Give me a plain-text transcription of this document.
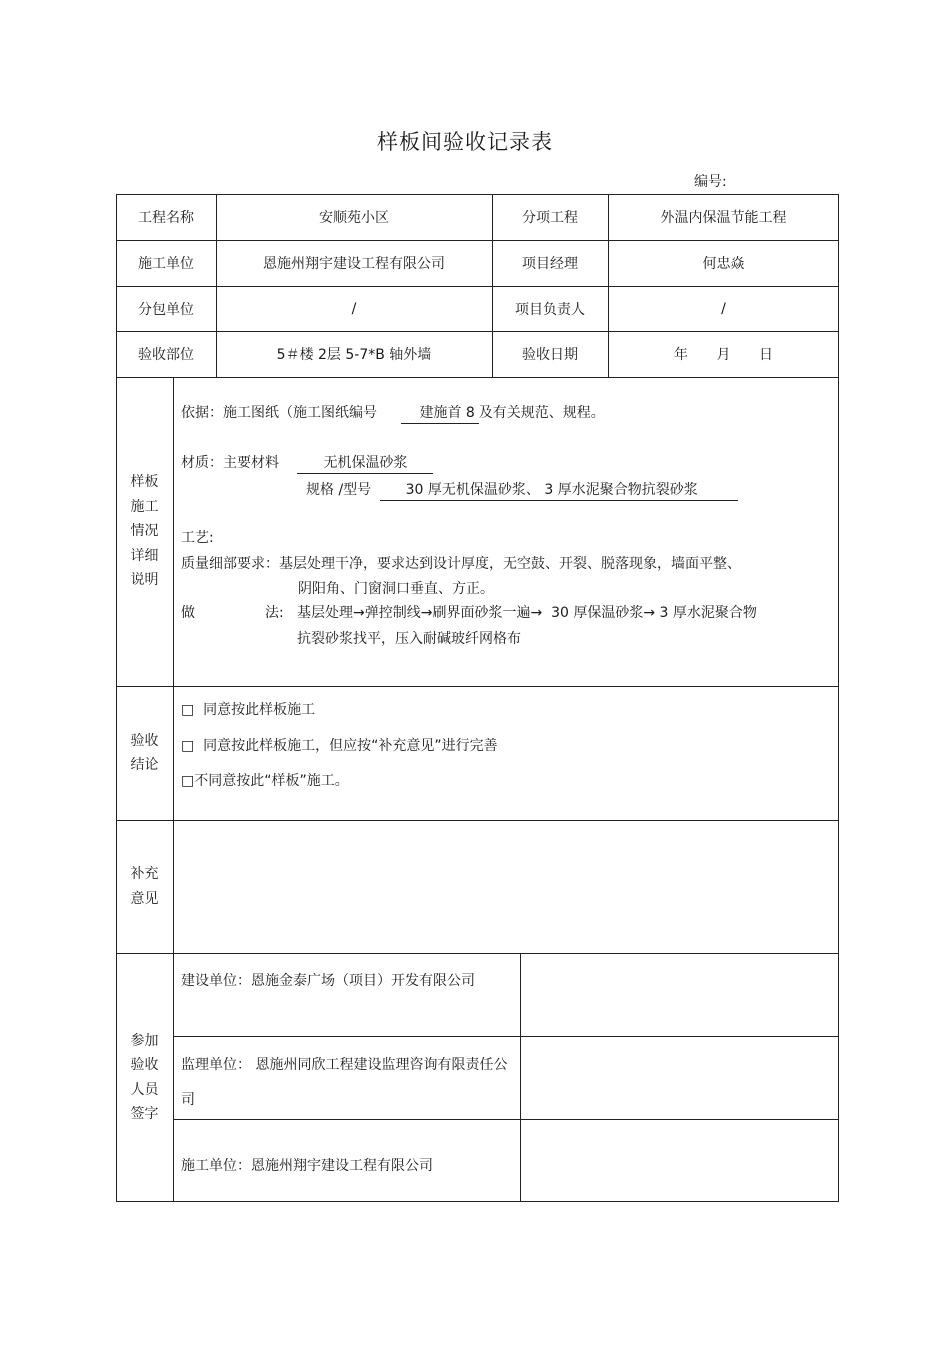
样板间验收记录表
编号:
工程名称	安顺苑小区	分项工程	外温内保温节能工程
施工单位	恩施州翔宇建设工程有限公司	项目经理	何忠焱
分包单位	/	项目负责人	/
验收部位	5＃楼 2层 5-7*B 轴外墙	验收日期	年 月 日
样板施工情况详细说明
依据：施工图纸（施工图纸编号	建施首 8 及有关规范、规程。
材质：主要材料	无机保温砂浆
规格 /型号 30 厚无机保温砂浆、 3 厚水泥聚合物抗裂砂浆
工艺:
质量细部要求：基层处理干净，要求达到设计厚度，无空鼓、开裂、脱落现象，墙面平整、
阴阳角、门窗洞口垂直、方正。
做	法: 基层处理→弹控制线→刷界面砂浆一遍→  30 厚保温砂浆→ 3 厚水泥聚合物
抗裂砂浆找平，压入耐碱玻纤网格布
验收结论
□  同意按此样板施工
□  同意按此样板施工，但应按“补充意见”进行完善
□不同意按此“样板”施工。
补充意见
参加验收人员签字
建设单位：恩施金泰广场（项目）开发有限公司
监理单位： 恩施州同欣工程建设监理咨询有限责任公司
施工单位：恩施州翔宇建设工程有限公司
